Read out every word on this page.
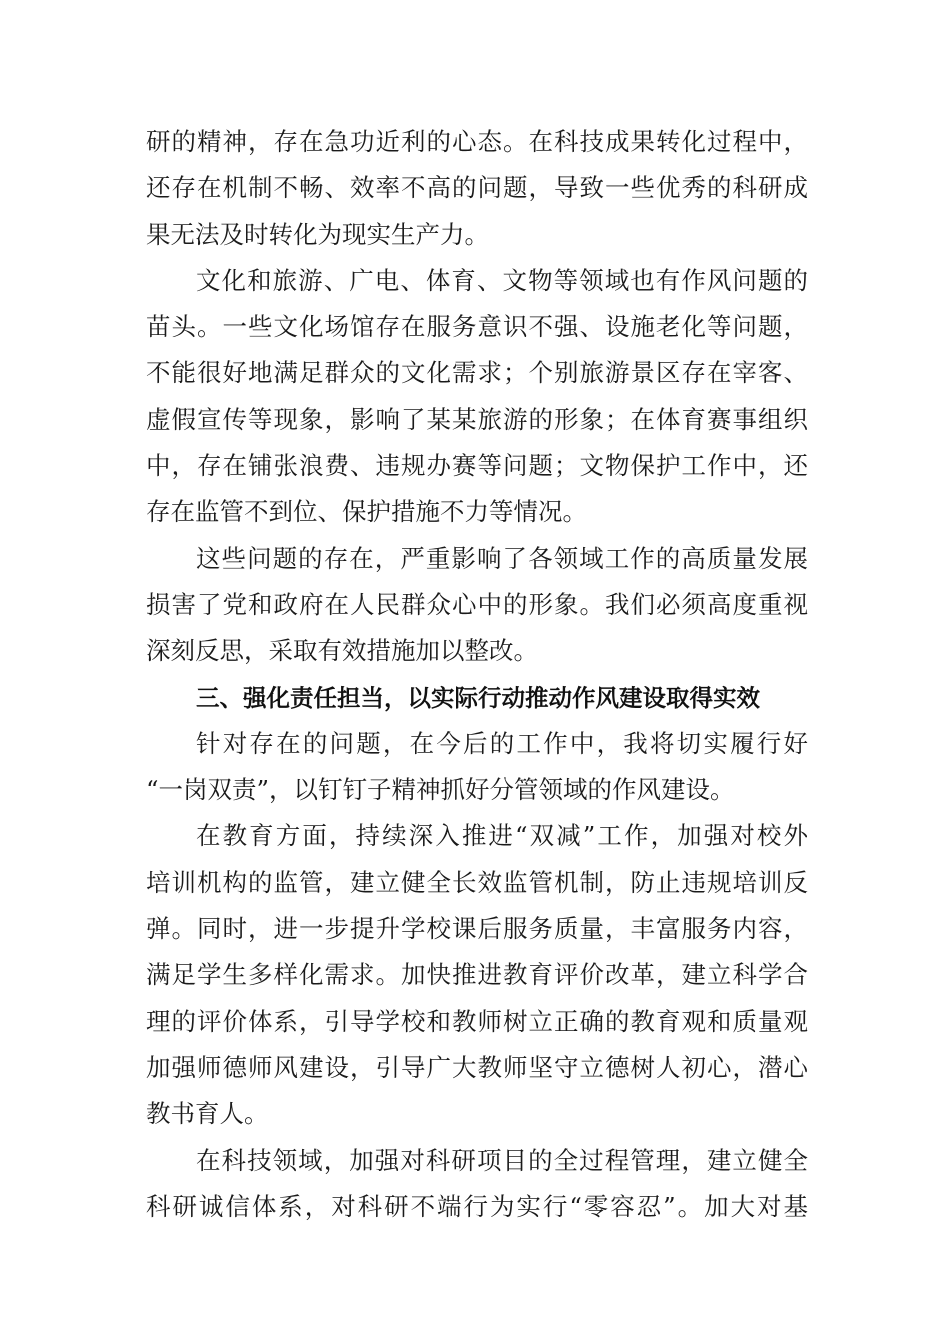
研的精神，存在急功近利的心态。在科技成果转化过程中，
还存在机制不畅、效率不高的问题，导致一些优秀的科研成
果无法及时转化为现实生产力。
文化和旅游、广电、体育、文物等领域也有作风问题的
苗头。一些文化场馆存在服务意识不强、设施老化等问题，
不能很好地满足群众的文化需求；个别旅游景区存在宰客、
虚假宣传等现象，影响了某某旅游的形象；在体育赛事组织
中，存在铺张浪费、违规办赛等问题；文物保护工作中，还
存在监管不到位、保护措施不力等情况。
这些问题的存在，严重影响了各领域工作的高质量发展
损害了党和政府在人民群众心中的形象。我们必须高度重视
深刻反思，采取有效措施加以整改。
三、强化责任担当，以实际行动推动作风建设取得实效
针对存在的问题，在今后的工作中，我将切实履行好
“一岗双责”，以钉钉子精神抓好分管领域的作风建设。
在教育方面，持续深入推进“双减”工作，加强对校外
培训机构的监管，建立健全长效监管机制，防止违规培训反
弹。同时，进一步提升学校课后服务质量，丰富服务内容，
满足学生多样化需求。加快推进教育评价改革，建立科学合
理的评价体系，引导学校和教师树立正确的教育观和质量观
加强师德师风建设，引导广大教师坚守立德树人初心，潜心
教书育人。
在科技领域，加强对科研项目的全过程管理，建立健全
科研诚信体系，对科研不端行为实行“零容忍”。加大对基
